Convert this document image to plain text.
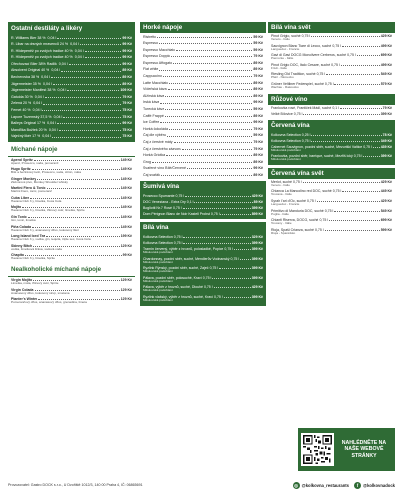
Ostatní destiláty a likéry
R. Williams Bier 38 % 0,04 l	99 Kč
R. Libar na drsných mravenců 24 % 0,04 l	99 Kč
R. Hlídepeněž po zvolých tradice 40 % 0,04 l	99 Kč
R. Hlídepeněž po zvolých tradice 40 % 0,04 l	99 Kč
Ořechovací Blier 38% Radlik 0,04 l	99 Kč
Absolvent Original 40 % 0,04 l	89 Kč
Becherovka 38 % 0,04 l	89 Kč
Jägermeister 35 % 0,04 l	89 Kč
Jägermeister Manifest 38 % 0,04 l	109 Kč
Gatulda 30 % 0,04 l	79 Kč
Zelená 20 % 0,04 l	79 Kč
Fernet 40 % 0,04 l	75 Kč
Lapore Tuzemský 37,5 % 0,04 l	75 Kč
Baileys Original 17 % 0,04 l	99 Kč
Mandľika Božtek 20 % 0,04 l	75 Kč
Vaječný likér 17 % 0,04 l	75 Kč
Míchané nápoje
Aperol Spritz	149 Kč
Aperol, Prosecco, soda, pomeranč
Hugo Spritz	149 Kč
Bílé a bezinkový květ, Prosecco, soda, citrón, máta
Ginger Monkey	149 Kč
Zázvorové pivo, Monkey Shoulder whisky
Martini Fiero & Tonic	149 Kč
Martini Fiero, tonic, pomeranč
Cuba Libre	149 Kč
Havana Club 3 y, limetka, Coca Cola
Mojito	149 Kč
Havana Club 3 y, limetka, třtinový cukr, limetka, Sprite
Gin Tonic	149 Kč
Gin, tonic, limetka
Piňa Colada	149 Kč
Havana Club 3 y, ananasový džus, kokosový likér
Long Island Iced Tea	199 Kč
Havana Club 3 y, vodka, gin, tequila, triple sec, Coca Cola
Skinny Bitch	129 Kč
vodka, limetková šťáva, sodová voda
Chapito	99 Kč
Havana Club 3 y, limetka, Sprite
Nealkoholické míchané nápoje
Virgin Mojito	129 Kč
Limetka, máta, třtinový cukr, Sprite
Virgin Colada	129 Kč
Ananasový džus, kokosový sirup, smetana
Planter's Winter	129 Kč
Pomerančový džus, ananasový džus, grenadina, limeta
Horké nápoje
Ristretto	59 Kč
Espresso	59 Kč
Espresso Macchiato	59 Kč
Espresso Doppio	79 Kč
Espresso Affogato	89 Kč
Flat white	89 Kč
Cappuccino	79 Kč
Latte Macchiato	89 Kč
Vídeňská káva	89 Kč
Alžírská káva	89 Kč
Irská káva	99 Kč
Turecká káva	59 Kč
Caffè Frappé	89 Kč
Ice Coffee	99 Kč
Horká čokoláda	79 Kč
Čaj dle výběru	59 Kč
Čaj z čerstvé máty	79 Kč
Čaj z čerstvého zázvoru	79 Kč
Horká Griotka	89 Kč
Grog	89 Kč
Svařené víno Bílé/Červené	99 Kč
Čaj svařák	89 Kč
Šumivá vína
Prosecco Spumante 0,75 l	429 Kč
DOC Veneziana - Extra Dry 0,1 l	89 Kč
Bogliotti Nr.7 Rosé 0,75 l	399 Kč
Dom Pérignon Blanc de Noir Kastell Probst 0,75 l	899 Kč
Bílá vína
Kolkovna Selection 0,75 l	329 Kč
Kolkovna Selection 0,75 l	399 Kč
Tramín červený, výběr z hroznů, polosladké, Popice 0,75 l	399 Kč
Mikulovská podoblast
Chardonnay, pozdní sběr, suché, Mendlerův Vodnanský 0,75 l	399 Kč
Mikulovská podoblast
Ryzlink Rýnský, pozdní sběr, suché, Zaječ 0,75 l	399 Kč
Mikulovská podoblast
Pálava, pozdní sběr, polosuché, Kraví 0,75 l	399 Kč
Mikulovská podoblast
Pálava, výběr z hroznů, suché, Dlouhé 0,75 l	429 Kč
Mikulovská podoblast
Ryzlink vlašský, výběr z hroznů, suché, Kraví 0,75 l	399 Kč
Mikulovská podoblast
Bílá vína svět
Pinot Grigio, suché 0,75 l	429 Kč
Veneto - Itálie
Sauvignon Blanc Tiare di Lecco, suché 0,75 l	499 Kč
Languedoc - Francie
Gavi di Gavi DOCG Moncilvere Cerberos, suché 0,75 l	699 Kč
Piemonte - Itálie
Pinot Grigio DOC, Italo Cesare, suché 0,75 l	499 Kč
Friuli - Itálie
Riesling Old Tradition, suché 0,75 l	549 Kč
Pfalz - Německo
Grüner Veltliner Federspiel, suché 0,75 l	579 Kč
Wachau - Rakousko
Růžové víno
Frankovka rosé, Frantiček Mádl, suché 0,1 l	79 Kč
Velké Bílovice 0,75 l	399 Kč
Červená vína
Kolkovna Selection 0,25 l	78 Kč
Kolkovna Selection 0,75 l	349 Kč
Cabernet Sauvignon, pozdní sběr, suché, Mezuriški Valtice 0,75 l	439 Kč
Mikulovská podoblast
Frankovka, pozdní sběr, barrique, suché, Mezřiš ický 0,75 l	399 Kč
Mikulovská podoblast
Červená vína svět
Merlot, suché 0,75 l	429 Kč
Veneto - Itálie
Chianca La Mancolino red DOC, suché 0,75 l	449 Kč
Toscana - Itálie
Syrah I'ari d'Oc, suché 0,75 l	429 Kč
Languedoc - Francie
Primitivo di Manduria DOC, suché 0,75 l	549 Kč
Puglia - Itálie
Chianti Riserva, DOCG, suché 0,75 l	699 Kč
Toscany - Itálie
Rioja, Spaši Crianza, suché 0,75 l	599 Kč
Rioja - Španělsko
NAHLÉDNĚTE NA NAŠE WEBOVÉ STRÁNKY
Provozovatel: Gastro DOCK s.r.o., U Dvořiště 1012/3, 140 00 Praha 4, IČ: 06865691	◎ @kolkovna_restaurants	f	@kolkovnadock
